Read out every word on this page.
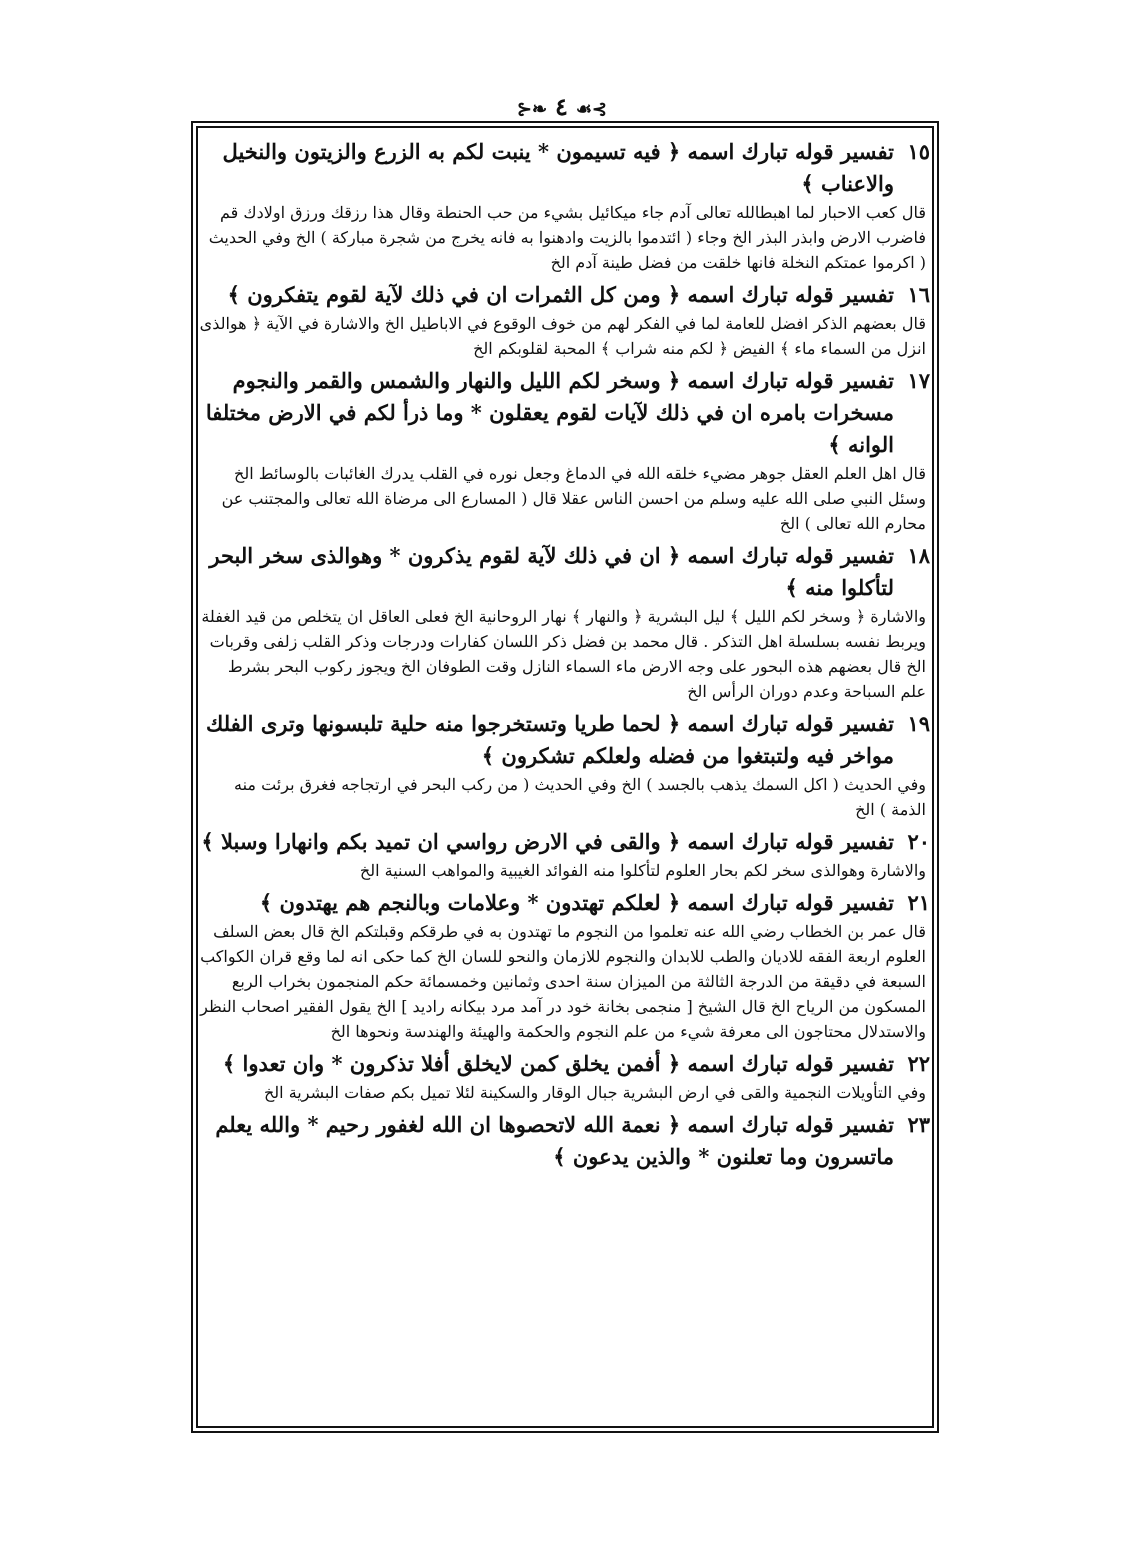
⊱❧ ٤ ☙⊰
١٥
تفسير قوله تبارك اسمه ﴿ فيه تسيمون * ينبت لكم به الزرع والزيتون والنخيل والاعناب ﴾
قال كعب الاحبار لما اهبطالله تعالى آدم جاء ميكائيل بشيء من حب الحنطة وقال هذا رزقك ورزق اولادك قم فاضرب الارض وابذر البذر الخ وجاء ( ائتدموا بالزيت وادهنوا به فانه يخرج من شجرة مباركة ) الخ وفي الحديث ( اكرموا عمتكم النخلة فانها خلقت من فضل طينة آدم الخ
١٦
تفسير قوله تبارك اسمه ﴿ ومن كل الثمرات ان في ذلك لآية لقوم يتفكرون ﴾
قال بعضهم الذكر افضل للعامة لما في الفكر لهم من خوف الوقوع في الاباطيل الخ والاشارة في الآية ﴿ هوالذى انزل من السماء ماء ﴾ الفيض ﴿ لكم منه شراب ﴾ المحبة لقلوبكم الخ
١٧
تفسير قوله تبارك اسمه ﴿ وسخر لكم الليل والنهار والشمس والقمر والنجوم مسخرات بامره ان في ذلك لآيات لقوم يعقلون * وما ذرأ لكم في الارض مختلفا الوانه ﴾
قال اهل العلم العقل جوهر مضيء خلقه الله في الدماغ وجعل نوره في القلب يدرك الغائبات بالوسائط الخ وسئل النبي صلى الله عليه وسلم من احسن الناس عقلا قال ( المسارع الى مرضاة الله تعالى والمجتنب عن محارم الله تعالى ) الخ
١٨
تفسير قوله تبارك اسمه ﴿ ان في ذلك لآية لقوم يذكرون * وهوالذى سخر البحر لتأكلوا منه ﴾
والاشارة ﴿ وسخر لكم الليل ﴾ ليل البشرية ﴿ والنهار ﴾ نهار الروحانية الخ فعلى العاقل ان يتخلص من قيد الغفلة ويربط نفسه بسلسلة اهل التذكر . قال محمد بن فضل ذكر اللسان كفارات ودرجات وذكر القلب زلفى وقربات الخ قال بعضهم هذه البحور على وجه الارض ماء السماء النازل وقت الطوفان الخ ويجوز ركوب البحر بشرط علم السباحة وعدم دوران الرأس الخ
١٩
تفسير قوله تبارك اسمه ﴿ لحما طريا وتستخرجوا منه حلية تلبسونها وترى الفلك مواخر فيه ولتبتغوا من فضله ولعلكم تشكرون ﴾
وفي الحديث ( اكل السمك يذهب بالجسد ) الخ وفي الحديث ( من ركب البحر في ارتجاجه فغرق برئت منه الذمة ) الخ
٢٠
تفسير قوله تبارك اسمه ﴿ والقى في الارض رواسي ان تميد بكم وانهارا وسبلا ﴾
والاشارة وهوالذى سخر لكم بحار العلوم لتأكلوا منه الفوائد الغيبية والمواهب السنية الخ
٢١
تفسير قوله تبارك اسمه ﴿ لعلكم تهتدون * وعلامات وبالنجم هم يهتدون ﴾
قال عمر بن الخطاب رضي الله عنه تعلموا من النجوم ما تهتدون به في طرقكم وقبلتكم الخ قال بعض السلف العلوم اربعة الفقه للاديان والطب للابدان والنجوم للازمان والنحو للسان الخ كما حكى انه لما وقع قران الكواكب السبعة في دقيقة من الدرجة الثالثة من الميزان سنة احدى وثمانين وخمسمائة حكم المنجمون بخراب الربع المسكون من الرياح الخ قال الشيخ [ منجمى بخانة خود در آمد مرد بيكانه راديد ] الخ يقول الفقير اصحاب النظر والاستدلال محتاجون الى معرفة شيء من علم النجوم والحكمة والهيئة والهندسة ونحوها الخ
٢٢
تفسير قوله تبارك اسمه ﴿ أفمن يخلق كمن لايخلق أفلا تذكرون * وان تعدوا ﴾
وفي التأويلات النجمية والقى في ارض البشرية جبال الوقار والسكينة لئلا تميل بكم صفات البشرية الخ
٢٣
تفسير قوله تبارك اسمه ﴿ نعمة الله لاتحصوها ان الله لغفور رحيم * والله يعلم ماتسرون وما تعلنون * والذين يدعون ﴾
